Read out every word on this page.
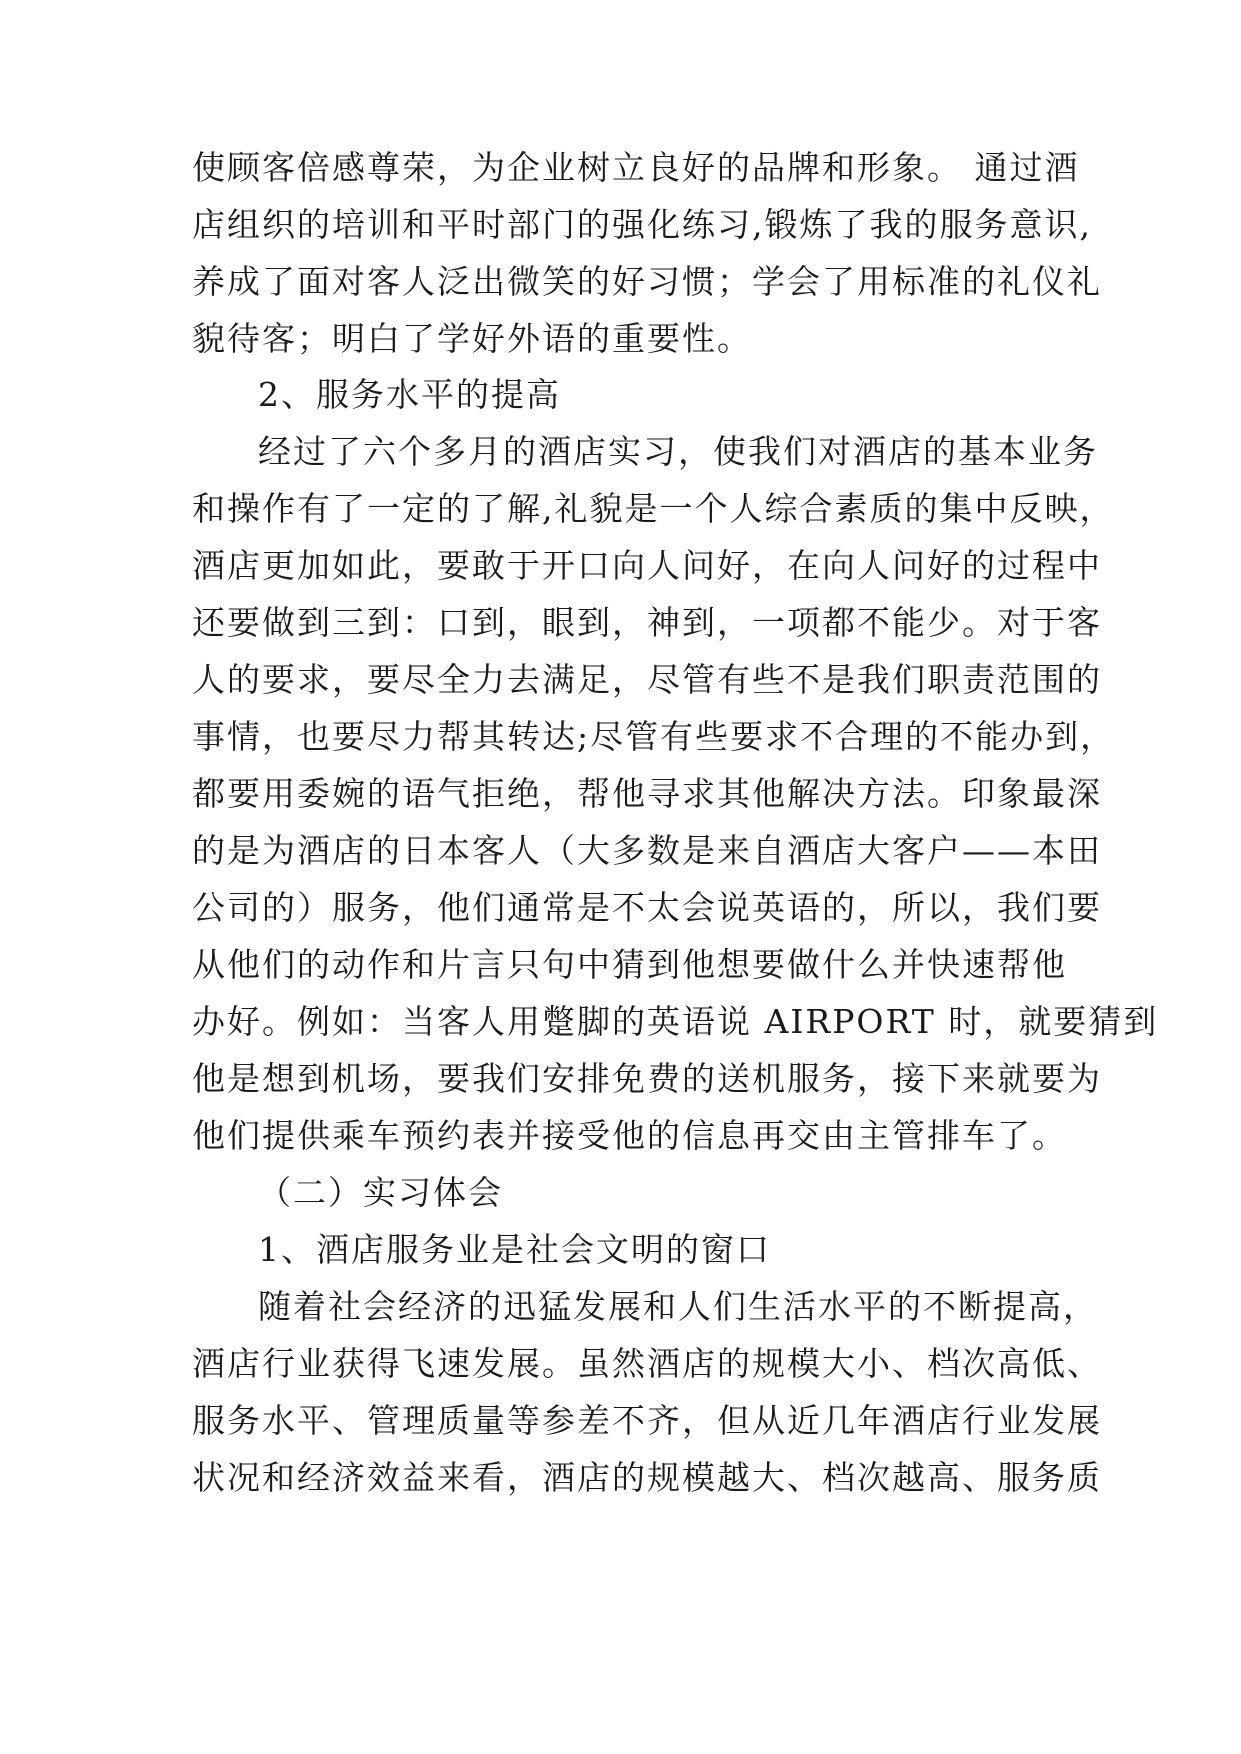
使顾客倍感尊荣，为企业树立良好的品牌和形象。 通过酒
店组织的培训和平时部门的强化练习,锻炼了我的服务意识,
养成了面对客人泛出微笑的好习惯；学会了用标准的礼仪礼
貌待客；明白了学好外语的重要性。
2、服务水平的提高
经过了六个多月的酒店实习，使我们对酒店的基本业务
和操作有了一定的了解,礼貌是一个人综合素质的集中反映，
酒店更加如此，要敢于开口向人问好，在向人问好的过程中
还要做到三到：口到，眼到，神到，一项都不能少。对于客
人的要求，要尽全力去满足，尽管有些不是我们职责范围的
事情，也要尽力帮其转达;尽管有些要求不合理的不能办到，
都要用委婉的语气拒绝，帮他寻求其他解决方法。印象最深
的是为酒店的日本客人（大多数是来自酒店大客户——本田
公司的）服务，他们通常是不太会说英语的，所以，我们要
从他们的动作和片言只句中猜到他想要做什么并快速帮他
办好。例如：当客人用蹩脚的英语说 AIRPORT 时，就要猜到
他是想到机场，要我们安排免费的送机服务，接下来就要为
他们提供乘车预约表并接受他的信息再交由主管排车了。
（二）实习体会
1、酒店服务业是社会文明的窗口
随着社会经济的迅猛发展和人们生活水平的不断提高，
酒店行业获得飞速发展。虽然酒店的规模大小、档次高低、
服务水平、管理质量等参差不齐，但从近几年酒店行业发展
状况和经济效益来看，酒店的规模越大、档次越高、服务质
